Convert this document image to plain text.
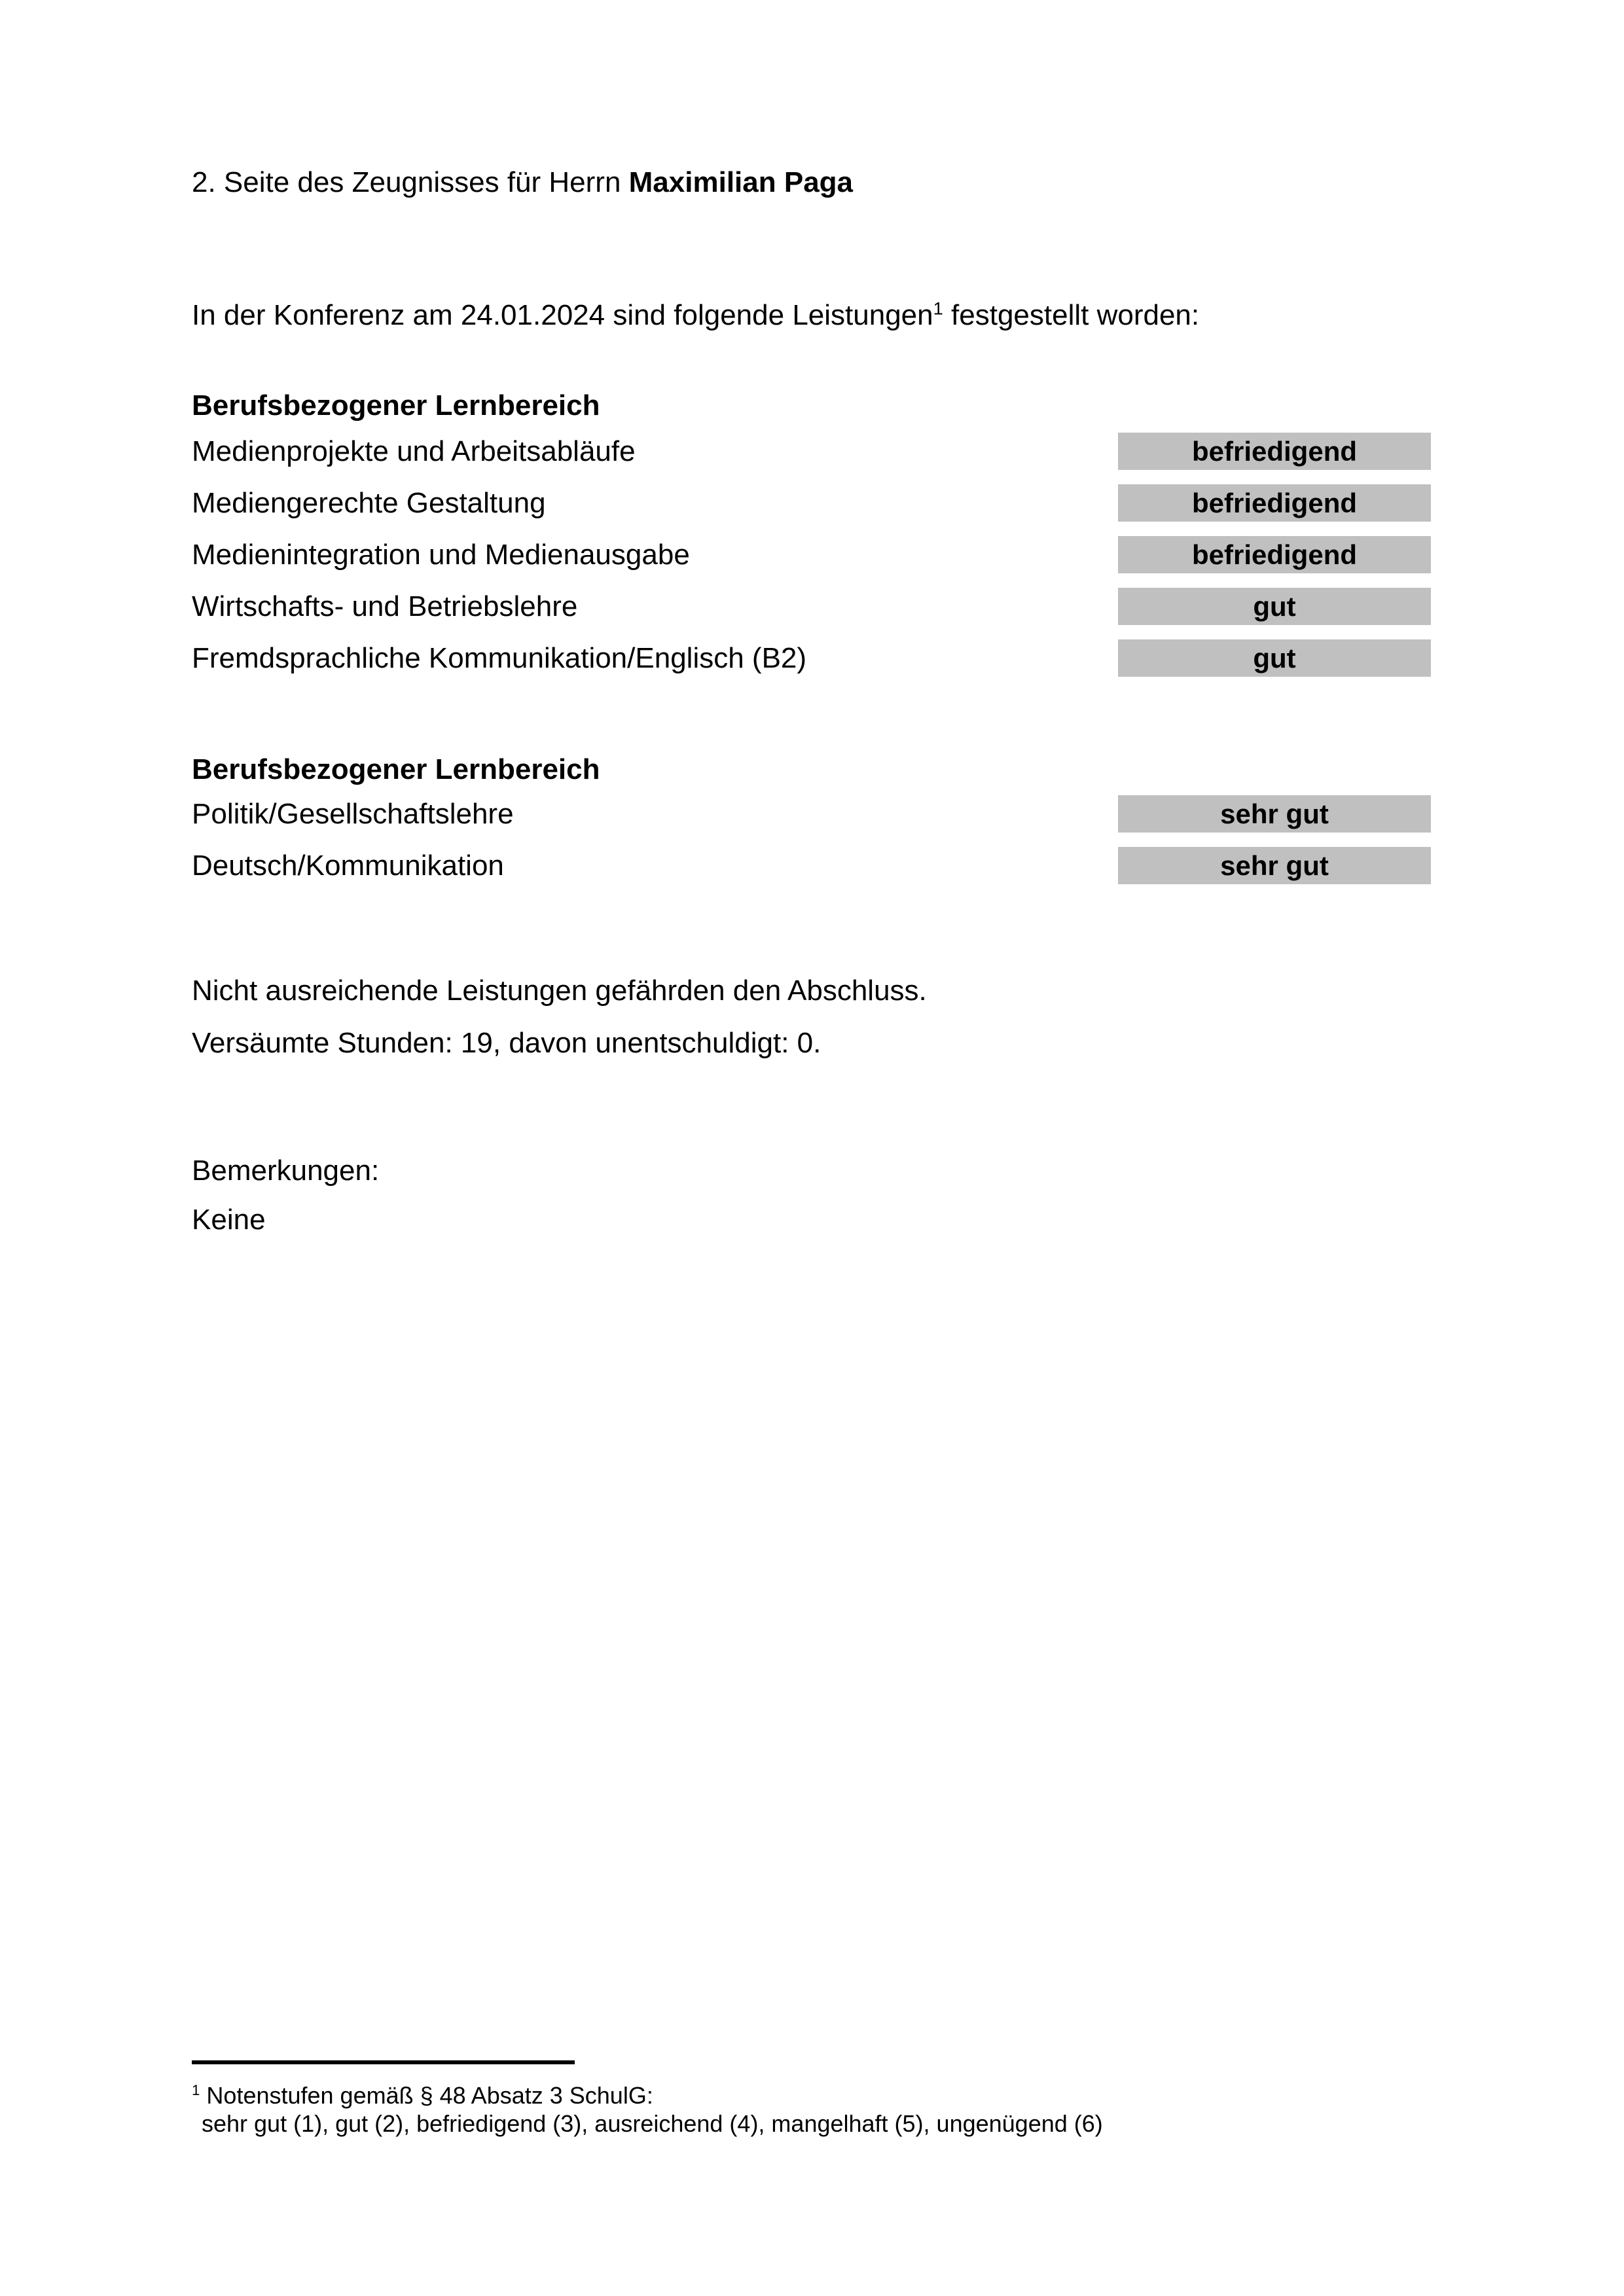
2. Seite des Zeugnisses für Herrn Maximilian Paga
In der Konferenz am 24.01.2024 sind folgende Leistungen$^1$ festgestellt worden:
Berufsbezogener Lernbereich
Medienprojekte und Arbeitsabläufe	befriedigend
Mediengerechte Gestaltung	befriedigend
Medienintegration und Medienausgabe	befriedigend
Wirtschafts- und Betriebslehre	gut
Fremdsprachliche Kommunikation/Englisch (B2)	gut
Berufsbezogener Lernbereich
Politik/Gesellschaftslehre	sehr gut
Deutsch/Kommunikation	sehr gut
Nicht ausreichende Leistungen gefährden den Abschluss.
Versäumte Stunden: 19, davon unentschuldigt: 0.
Bemerkungen:
Keine
$^1$ Notenstufen gemäß § 48 Absatz 3 SchulG:
sehr gut (1), gut (2), befriedigend (3), ausreichend (4), mangelhaft (5), ungenügend (6)
